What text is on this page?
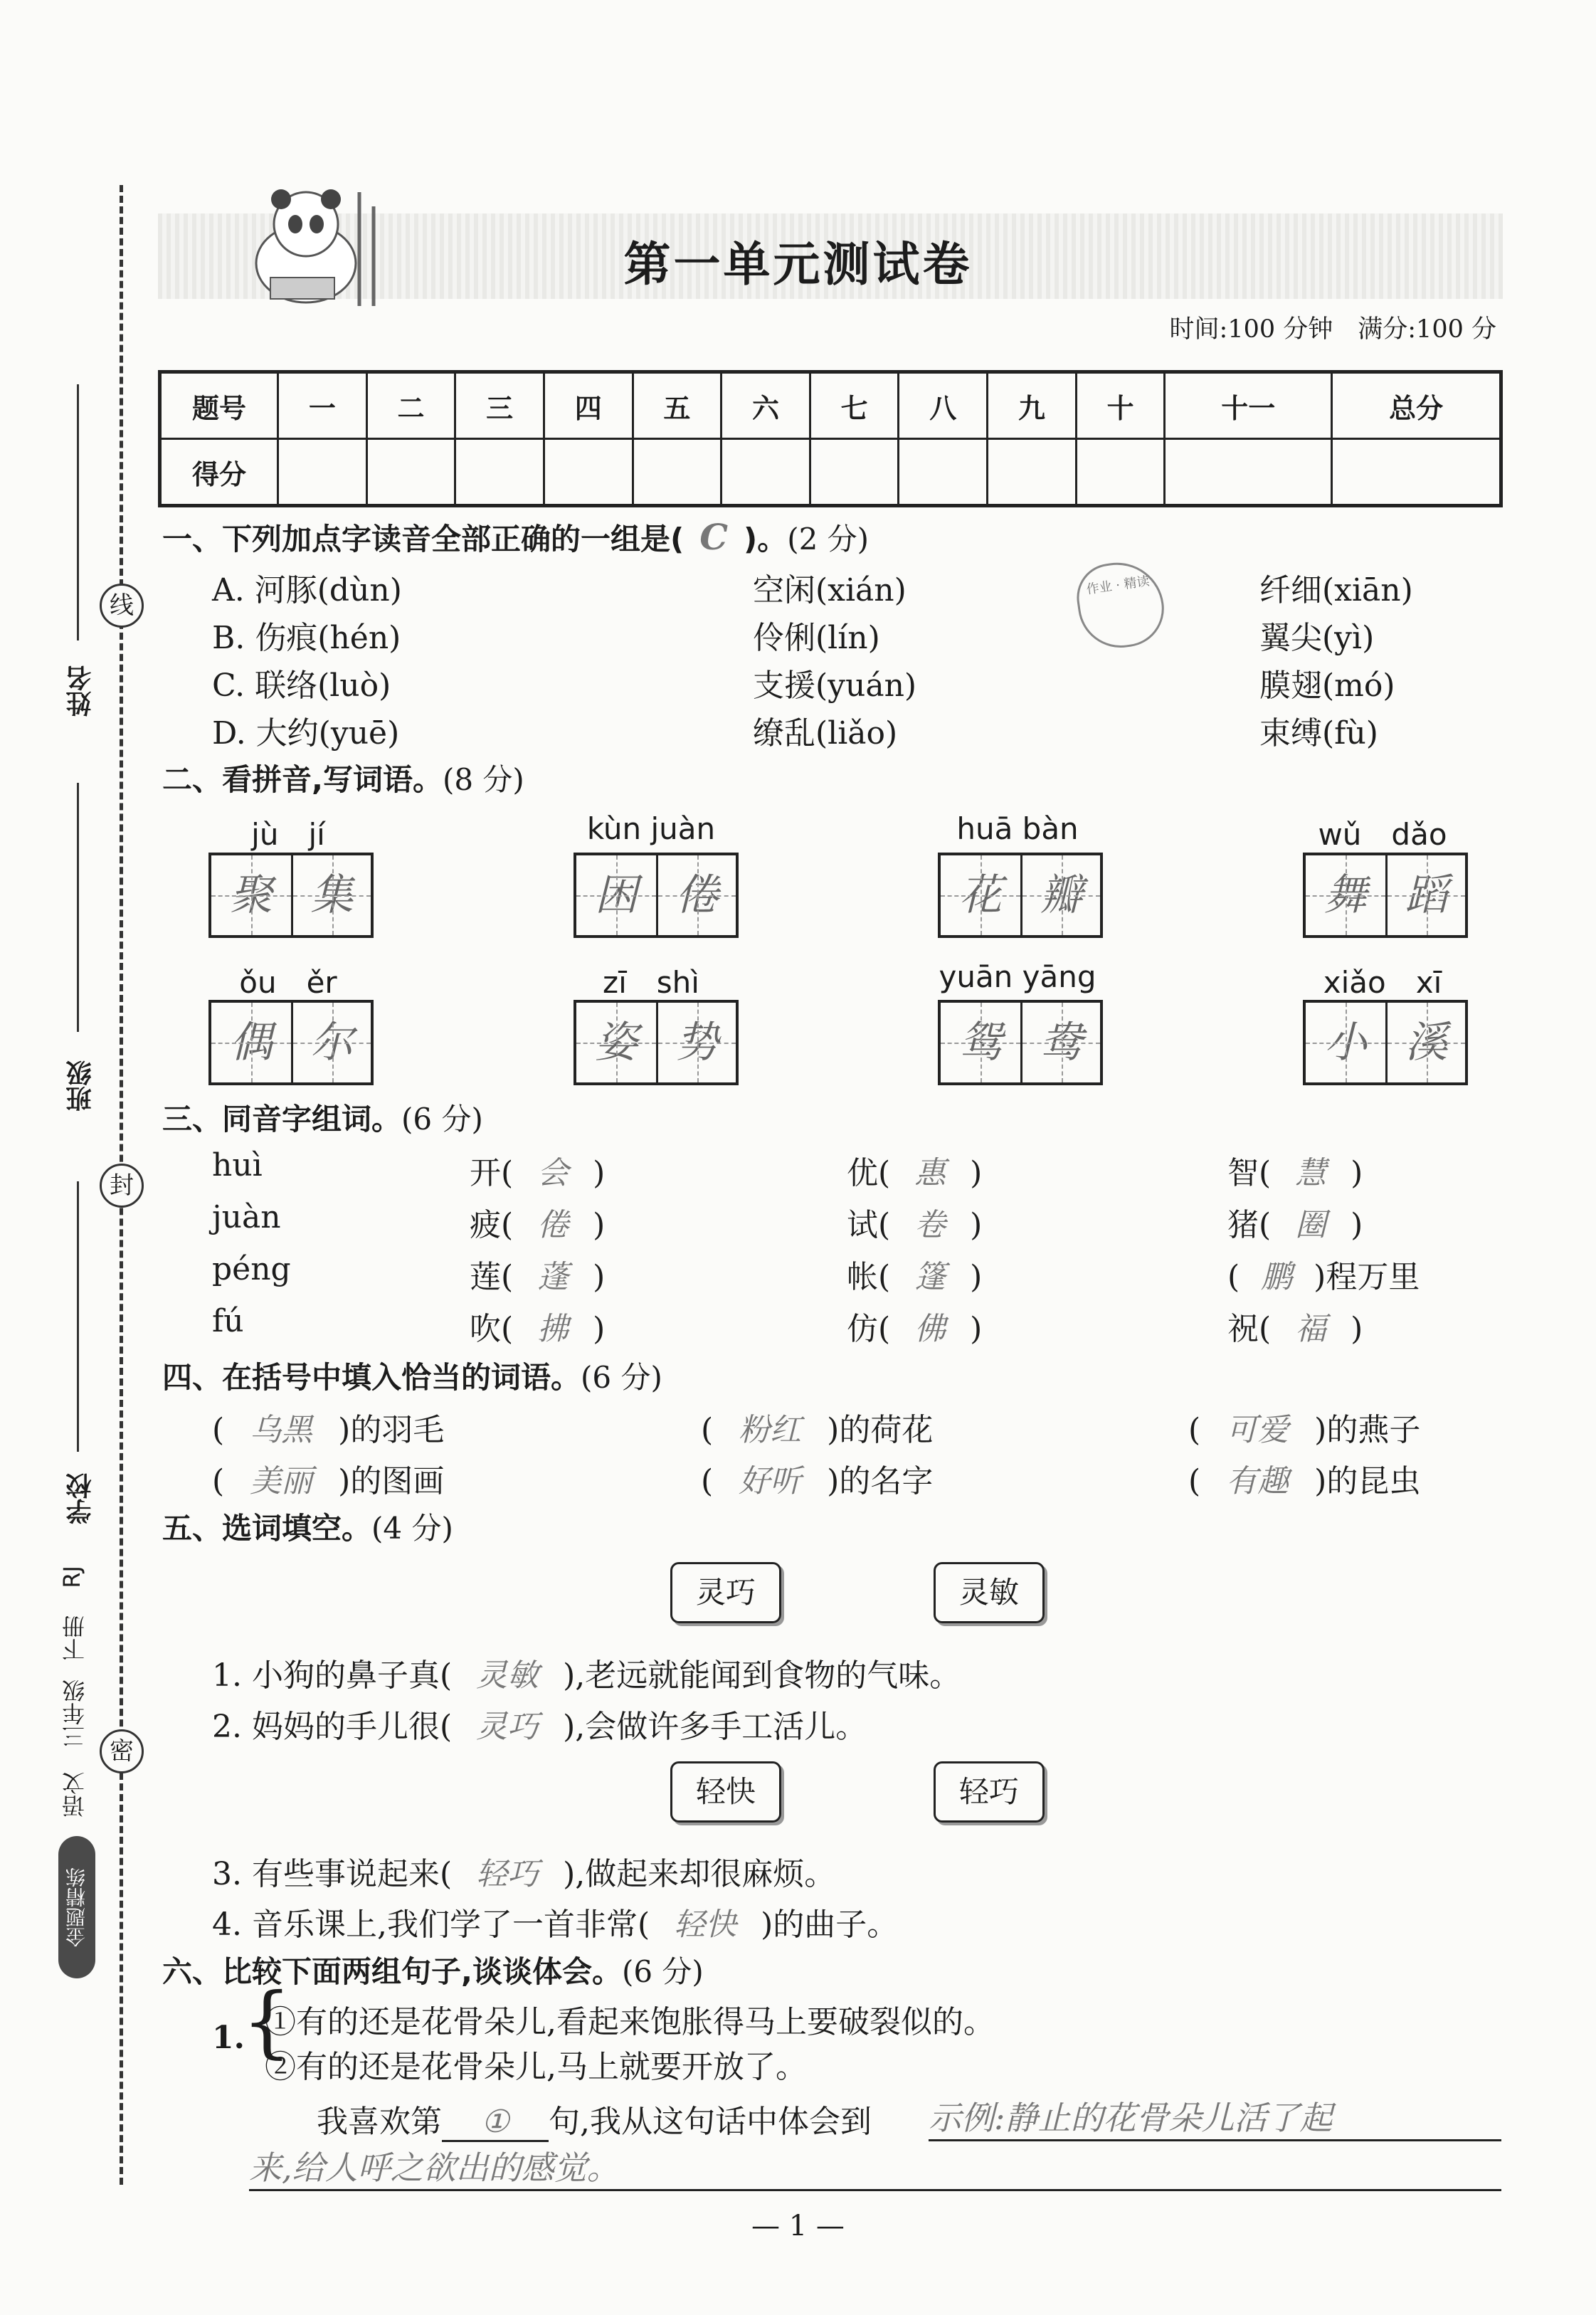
线
封
密
姓名
班级
学校
RJ
下册
三年级
语文
金题精练
第一单元测试卷
时间:100 分钟　满分:100 分
题号	一	二	三	四	五	六	七	八	九	十	十一	总分
得分												
一、下列加点字读音全部正确的一组是( C )。(2 分)
A. 河豚(dùn)	空闲(xián)	纤细(xiān)
B. 伤痕(hén)	伶俐(lín)	翼尖(yì)
C. 联络(luò)	支援(yuán)	膜翅(mó)
D. 大约(yuē)	缭乱(liǎo)	束缚(fù)
作业 · 精读
二、看拼音,写词语。(8 分)
jù　jí
聚 集
kùn juàn
困 倦
huā bàn
花 瓣
wǔ　dǎo
舞 蹈
ǒu　ěr
偶 尔
zī　shì
姿 势
yuān yāng
鸳 鸯
xiǎo　xī
小 溪
三、同音字组词。(6 分)
huì	开( 会 )	优( 惠 )	智( 慧 )
juàn	疲( 倦 )	试( 卷 )	猪( 圈 )
péng	莲( 蓬 )	帐( 篷 )	( 鹏 )程万里
fú	吹( 拂 )	仿( 佛 )	祝( 福 )
四、在括号中填入恰当的词语。(6 分)
( 乌黑 )的羽毛	( 粉红 )的荷花	( 可爱 )的燕子
( 美丽 )的图画	( 好听 )的名字	( 有趣 )的昆虫
五、选词填空。(4 分)
灵巧	灵敏
1. 小狗的鼻子真( 灵敏 ),老远就能闻到食物的气味。
2. 妈妈的手儿很( 灵巧 ),会做许多手工活儿。
轻快	轻巧
3. 有些事说起来( 轻巧 ),做起来却很麻烦。
4. 音乐课上,我们学了一首非常( 轻快 )的曲子。
六、比较下面两组句子,谈谈体会。(6 分)
1.
{
①有的还是花骨朵儿,看起来饱胀得马上要破裂似的。
②有的还是花骨朵儿,马上就要开放了。
我喜欢第 ① 句,我从这句话中体会到 示例:静止的花骨朵儿活了起
来,给人呼之欲出的感觉。
— 1 —
